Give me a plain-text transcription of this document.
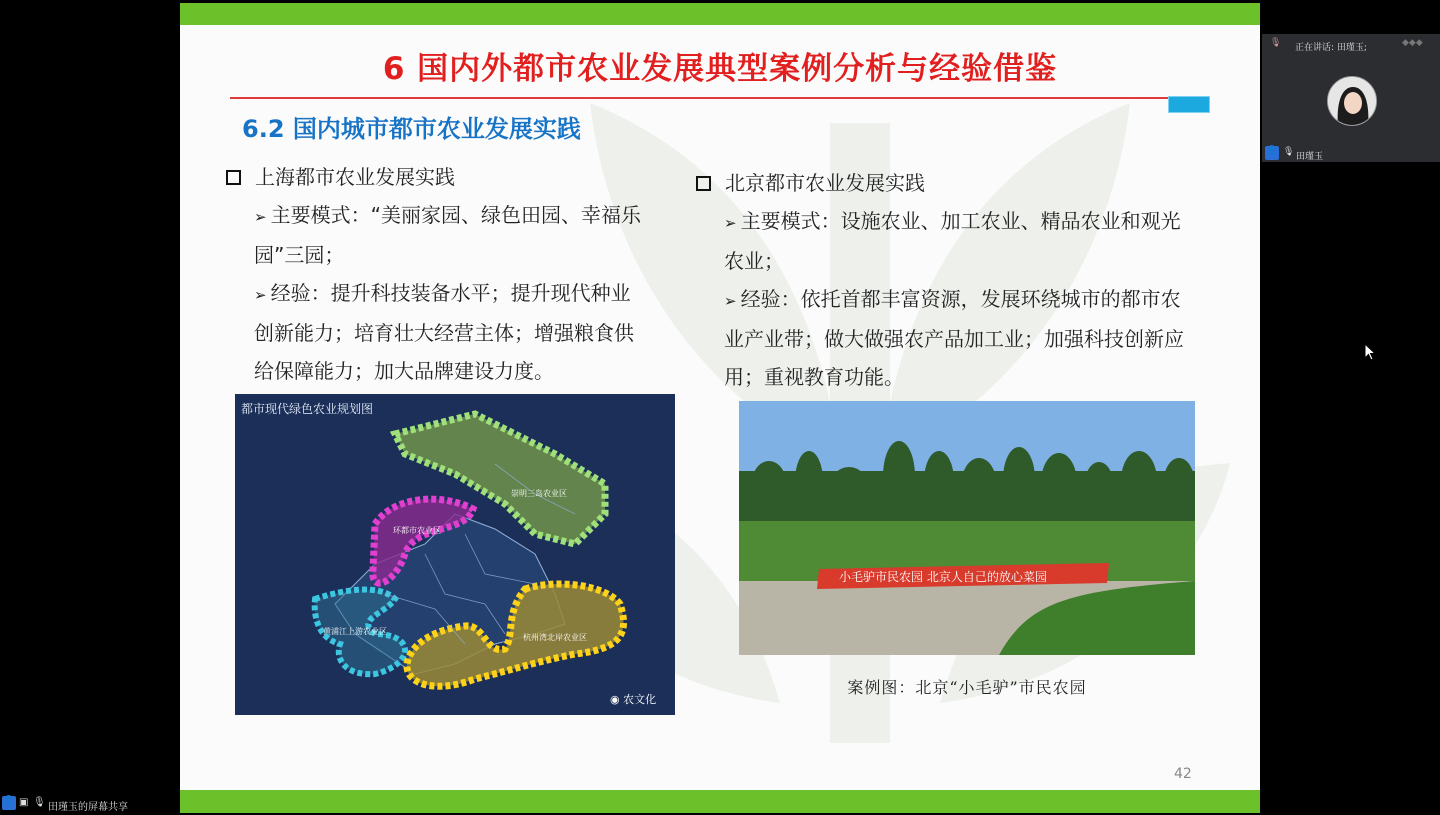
6 国内外都市农业发展典型案例分析与经验借鉴
6.2 国内城市都市农业发展实践
上海都市农业发展实践
➢ 主要模式：“美丽家园、绿色田园、幸福乐园”三园；
➢ 经验：提升科技装备水平；提升现代种业创新能力；培育壮大经营主体；增强粮食供给保障能力；加大品牌建设力度。
北京都市农业发展实践
➢ 主要模式：设施农业、加工农业、精品农业和观光农业；
➢ 经验：依托首都丰富资源，发展环绕城市的都市农业产业带；做大做强农产品加工业；加强科技创新应用；重视教育功能。
都市现代绿色农业规划图
崇明三岛农业区
环都市农业区
黄浦江上游农业区
杭州湾北岸农业区
◉ 农文化
小毛驴市民农园 北京人自己的放心菜园
案例图：北京“小毛驴”市民农园
42
🎙 正在讲话: 田瑾玉;	◆◆◆
👤 🎙 田瑾玉
👤 ▣ 🎙 田瑾玉的屏幕共享
